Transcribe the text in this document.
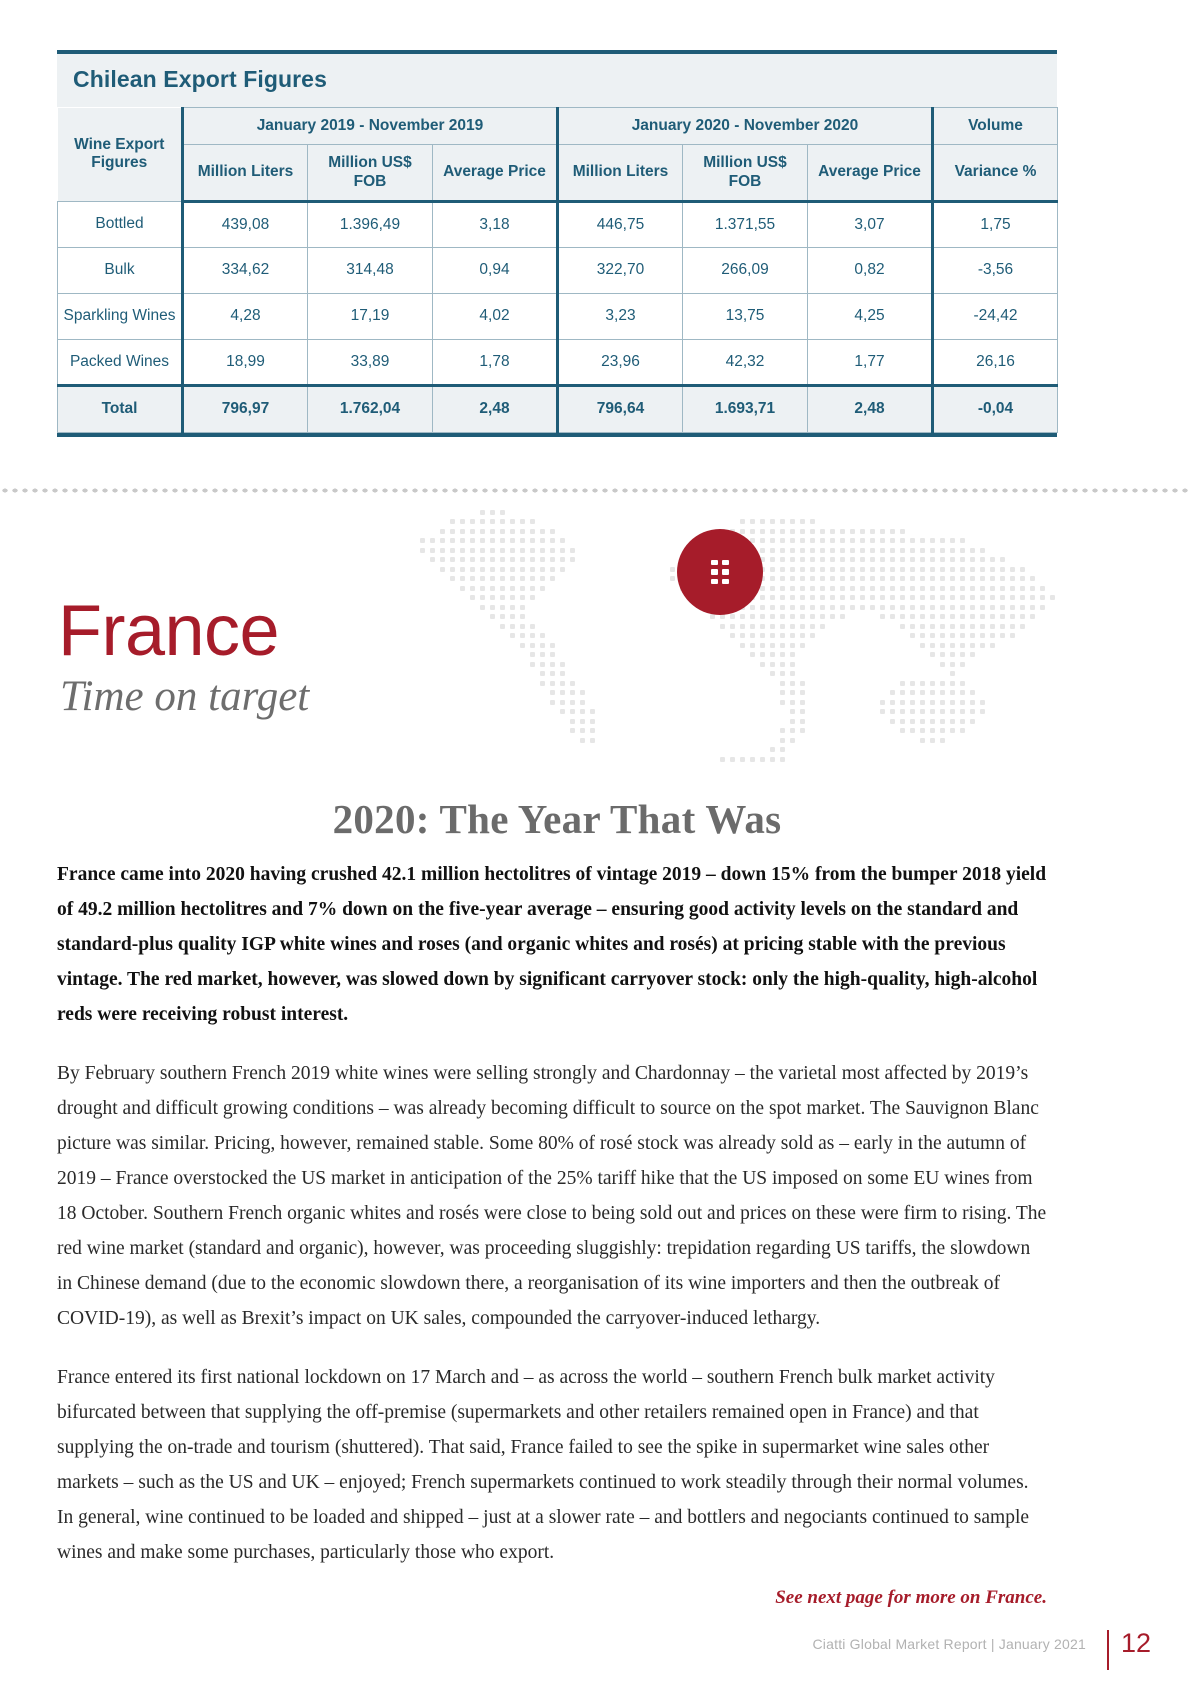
Chilean Export Figures
Wine Export Figures	January 2019 - November 2019			January 2020 - November 2020			Volume
	Million Liters	Million US$ FOB	Average Price	Million Liters	Million US$ FOB	Average Price	Variance %
Bottled	439,08	1.396,49	3,18	446,75	1.371,55	3,07	1,75
Bulk	334,62	314,48	0,94	322,70	266,09	0,82	-3,56
Sparkling Wines	4,28	17,19	4,02	3,23	13,75	4,25	-24,42
Packed Wines	18,99	33,89	1,78	23,96	42,32	1,77	26,16
Total	796,97	1.762,04	2,48	796,64	1.693,71	2,48	-0,04
France
Time on target
2020: The Year That Was

France came into 2020 having crushed 42.1 million hectolitres of vintage 2019 – down 15% from the bumper 2018 yield of 49.2 million hectolitres and 7% down on the five-year average – ensuring good activity levels on the standard and standard-plus quality IGP white wines and roses (and organic whites and rosés) at pricing stable with the previous vintage. The red market, however, was slowed down by significant carryover stock: only the high-quality, high-alcohol reds were receiving robust interest.

By February southern French 2019 white wines were selling strongly and Chardonnay – the varietal most affected by 2019’s drought and difficult growing conditions – was already becoming difficult to source on the spot market. The Sauvignon Blanc picture was similar. Pricing, however, remained stable. Some 80% of rosé stock was already sold as – early in the autumn of 2019 – France overstocked the US market in anticipation of the 25% tariff hike that the US imposed on some EU wines from 18 October. Southern French organic whites and rosés were close to being sold out and prices on these were firm to rising. The red wine market (standard and organic), however, was proceeding sluggishly: trepidation regarding US tariffs, the slowdown in Chinese demand (due to the economic slowdown there, a reorganisation of its wine importers and then the outbreak of COVID-19), as well as Brexit’s impact on UK sales, compounded the carryover-induced lethargy.

France entered its first national lockdown on 17 March and – as across the world – southern French bulk market activity bifurcated between that supplying the off-premise (supermarkets and other retailers remained open in France) and that supplying the on-trade and tourism (shuttered). That said, France failed to see the spike in supermarket wine sales other markets – such as the US and UK – enjoyed; French supermarkets continued to work steadily through their normal volumes. In general, wine continued to be loaded and shipped – just at a slower rate – and bottlers and negociants continued to sample wines and make some purchases, particularly those who export.

See next page for more on France.
Ciatti Global Market Report | January 2021 12
